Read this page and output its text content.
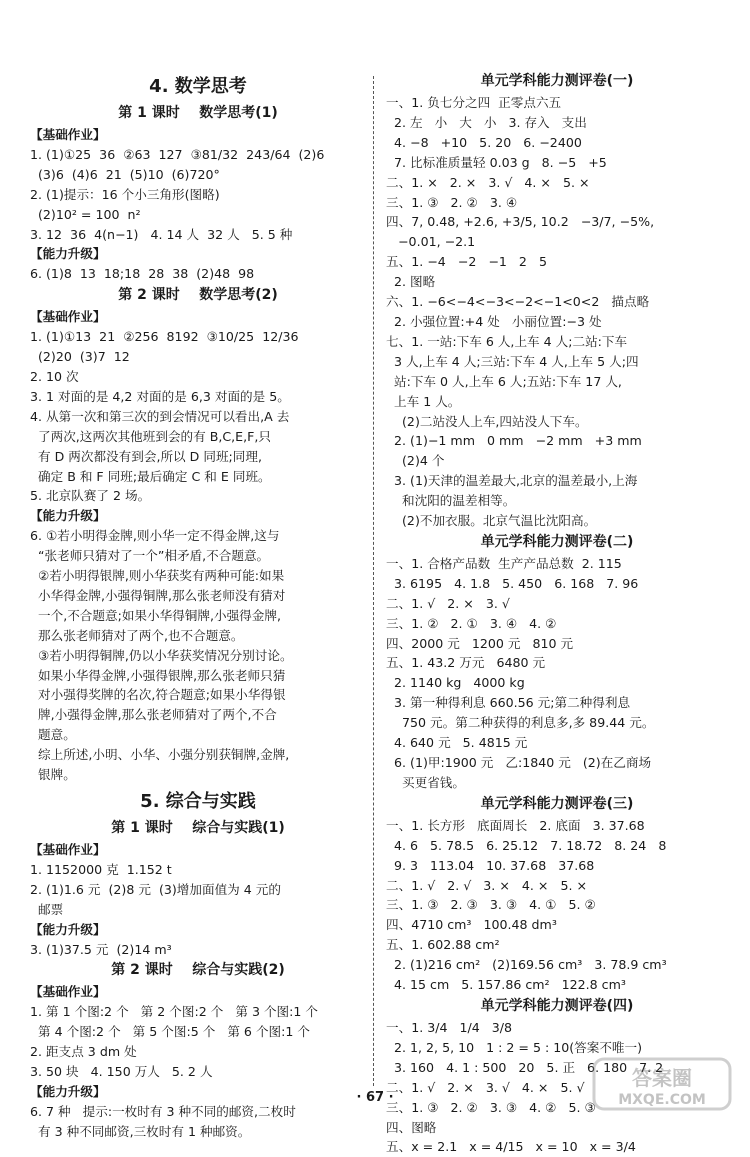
4. 数学思考
第 1 课时    数学思考(1)
【基础作业】
1. (1)①25  36  ②63  127  ③81/32  243/64  (2)6
(3)6  (4)6  21  (5)10  (6)720°
2. (1)提示：16 个小三角形(图略)
(2)10² = 100  n²
3. 12  36  4(n−1)   4. 14 人  32 人   5. 5 种
【能力升级】
6. (1)8  13  18;18  28  38  (2)48  98
第 2 课时    数学思考(2)
【基础作业】
1. (1)①13  21  ②256  8192  ③10/25  12/36
(2)20  (3)7  12
2. 10 次
3. 1 对面的是 4,2 对面的是 6,3 对面的是 5。
4. 从第一次和第三次的到会情况可以看出,A 去
了两次,这两次其他班到会的有 B,C,E,F,只
有 D 两次都没有到会,所以 D 同班;同理,
确定 B 和 F 同班;最后确定 C 和 E 同班。
5. 北京队赛了 2 场。
【能力升级】
6. ①若小明得金牌,则小华一定不得金牌,这与
“张老师只猜对了一个”相矛盾,不合题意。
②若小明得银牌,则小华获奖有两种可能:如果
小华得金牌,小强得铜牌,那么张老师没有猜对
一个,不合题意;如果小华得铜牌,小强得金牌,
那么张老师猜对了两个,也不合题意。
③若小明得铜牌,仍以小华获奖情况分别讨论。
如果小华得金牌,小强得银牌,那么张老师只猜
对小强得奖牌的名次,符合题意;如果小华得银
牌,小强得金牌,那么张老师猜对了两个,不合
题意。
综上所述,小明、小华、小强分别获铜牌,金牌,
银牌。
5. 综合与实践
第 1 课时    综合与实践(1)
【基础作业】
1. 1152000 克  1.152 t
2. (1)1.6 元  (2)8 元  (3)增加面值为 4 元的
邮票
【能力升级】
3. (1)37.5 元  (2)14 m³
第 2 课时    综合与实践(2)
【基础作业】
1. 第 1 个图:2 个   第 2 个图:2 个   第 3 个图:1 个
第 4 个图:2 个   第 5 个图:5 个   第 6 个图:1 个
2. 距支点 3 dm 处
3. 50 块   4. 150 万人   5. 2 人
【能力升级】
6. 7 种   提示:一枚时有 3 种不同的邮资,二枚时
有 3 种不同邮资,三枚时有 1 种邮资。
单元学科能力测评卷(一)
一、1. 负七分之四  正零点六五
2. 左   小   大   小   3. 存入   支出
4. −8   +10   5. 20   6. −2400
7. 比标准质量轻 0.03 g   8. −5   +5
二、1. ×   2. ×   3. √   4. ×   5. ×
三、1. ③   2. ②   3. ④
四、7, 0.48, +2.6, +3/5, 10.2   −3/7, −5%,
−0.01, −2.1
五、1. −4   −2   −1   2   5
2. 图略
六、1. −6<−4<−3<−2<−1<0<2   描点略
2. 小强位置:+4 处   小丽位置:−3 处
七、1. 一站:下车 6 人,上车 4 人;二站:下车
3 人,上车 4 人;三站:下车 4 人,上车 5 人;四
站:下车 0 人,上车 6 人;五站:下车 17 人,
上车 1 人。
(2)二站没人上车,四站没人下车。
2. (1)−1 mm   0 mm   −2 mm   +3 mm
(2)4 个
3. (1)天津的温差最大,北京的温差最小,上海
和沈阳的温差相等。
(2)不加衣服。北京气温比沈阳高。
单元学科能力测评卷(二)
一、1. 合格产品数  生产产品总数  2. 115
3. 6195   4. 1.8   5. 450   6. 168   7. 96
二、1. √   2. ×   3. √
三、1. ②   2. ①   3. ④   4. ②
四、2000 元   1200 元   810 元
五、1. 43.2 万元   6480 元
2. 1140 kg   4000 kg
3. 第一种得利息 660.56 元;第二种得利息
750 元。第二种获得的利息多,多 89.44 元。
4. 640 元   5. 4815 元
6. (1)甲:1900 元   乙:1840 元   (2)在乙商场
买更省钱。
单元学科能力测评卷(三)
一、1. 长方形   底面周长   2. 底面   3. 37.68
4. 6   5. 78.5   6. 25.12   7. 18.72   8. 24   8
9. 3   113.04   10. 37.68   37.68
二、1. √   2. √   3. ×   4. ×   5. ×
三、1. ③   2. ③   3. ③   4. ①   5. ②
四、4710 cm³   100.48 dm³
五、1. 602.88 cm²
2. (1)216 cm²   (2)169.56 cm³   3. 78.9 cm³
4. 15 cm   5. 157.86 cm²   122.8 cm³
单元学科能力测评卷(四)
一、1. 3/4   1/4   3/8
2. 1, 2, 5, 10   1 : 2 = 5 : 10(答案不唯一)
3. 160   4. 1 : 500   20   5. 正   6. 180   7. 2
二、1. √   2. ×   3. √   4. ×   5. √
三、1. ③   2. ②   3. ③   4. ②   5. ③
四、图略
五、x = 2.1   x = 4/15   x = 10   x = 3/4
· 67 ·
答案圈
MXQE.COM
